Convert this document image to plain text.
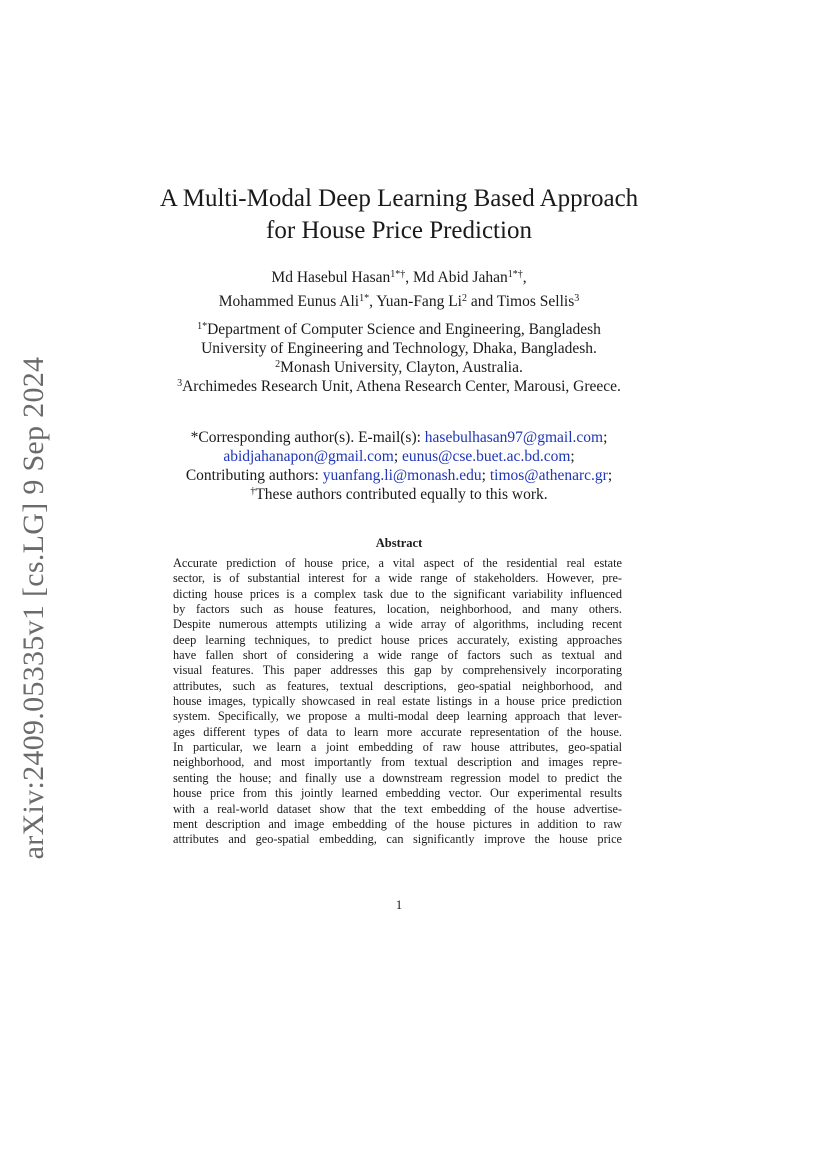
arXiv:2409.05335v1 [cs.LG] 9 Sep 2024
A Multi-Modal Deep Learning Based Approach
for House Price Prediction
Md Hasebul Hasan$^{1*\dagger}$, Md Abid Jahan$^{1*\dagger}$,
Mohammed Eunus Ali$^{1*}$, Yuan-Fang Li$^2$ and Timos Sellis$^3$
$^{1*}$Department of Computer Science and Engineering, Bangladesh
University of Engineering and Technology, Dhaka, Bangladesh.
$^2$Monash University, Clayton, Australia.
$^3$Archimedes Research Unit, Athena Research Center, Marousi, Greece.
*Corresponding author(s). E-mail(s): hasebulhasan97@gmail.com;
abidjahanapon@gmail.com; eunus@cse.buet.ac.bd.com;
Contributing authors: yuanfang.li@monash.edu; timos@athenarc.gr;
†These authors contributed equally to this work.
Abstract
Accurate prediction of house price, a vital aspect of the residential real estate
sector, is of substantial interest for a wide range of stakeholders. However, pre-
dicting house prices is a complex task due to the significant variability influenced
by factors such as house features, location, neighborhood, and many others.
Despite numerous attempts utilizing a wide array of algorithms, including recent
deep learning techniques, to predict house prices accurately, existing approaches
have fallen short of considering a wide range of factors such as textual and
visual features. This paper addresses this gap by comprehensively incorporating
attributes, such as features, textual descriptions, geo-spatial neighborhood, and
house images, typically showcased in real estate listings in a house price prediction
system. Specifically, we propose a multi-modal deep learning approach that lever-
ages different types of data to learn more accurate representation of the house.
In particular, we learn a joint embedding of raw house attributes, geo-spatial
neighborhood, and most importantly from textual description and images repre-
senting the house; and finally use a downstream regression model to predict the
house price from this jointly learned embedding vector. Our experimental results
with a real-world dataset show that the text embedding of the house advertise-
ment description and image embedding of the house pictures in addition to raw
attributes and geo-spatial embedding, can significantly improve the house price
1
